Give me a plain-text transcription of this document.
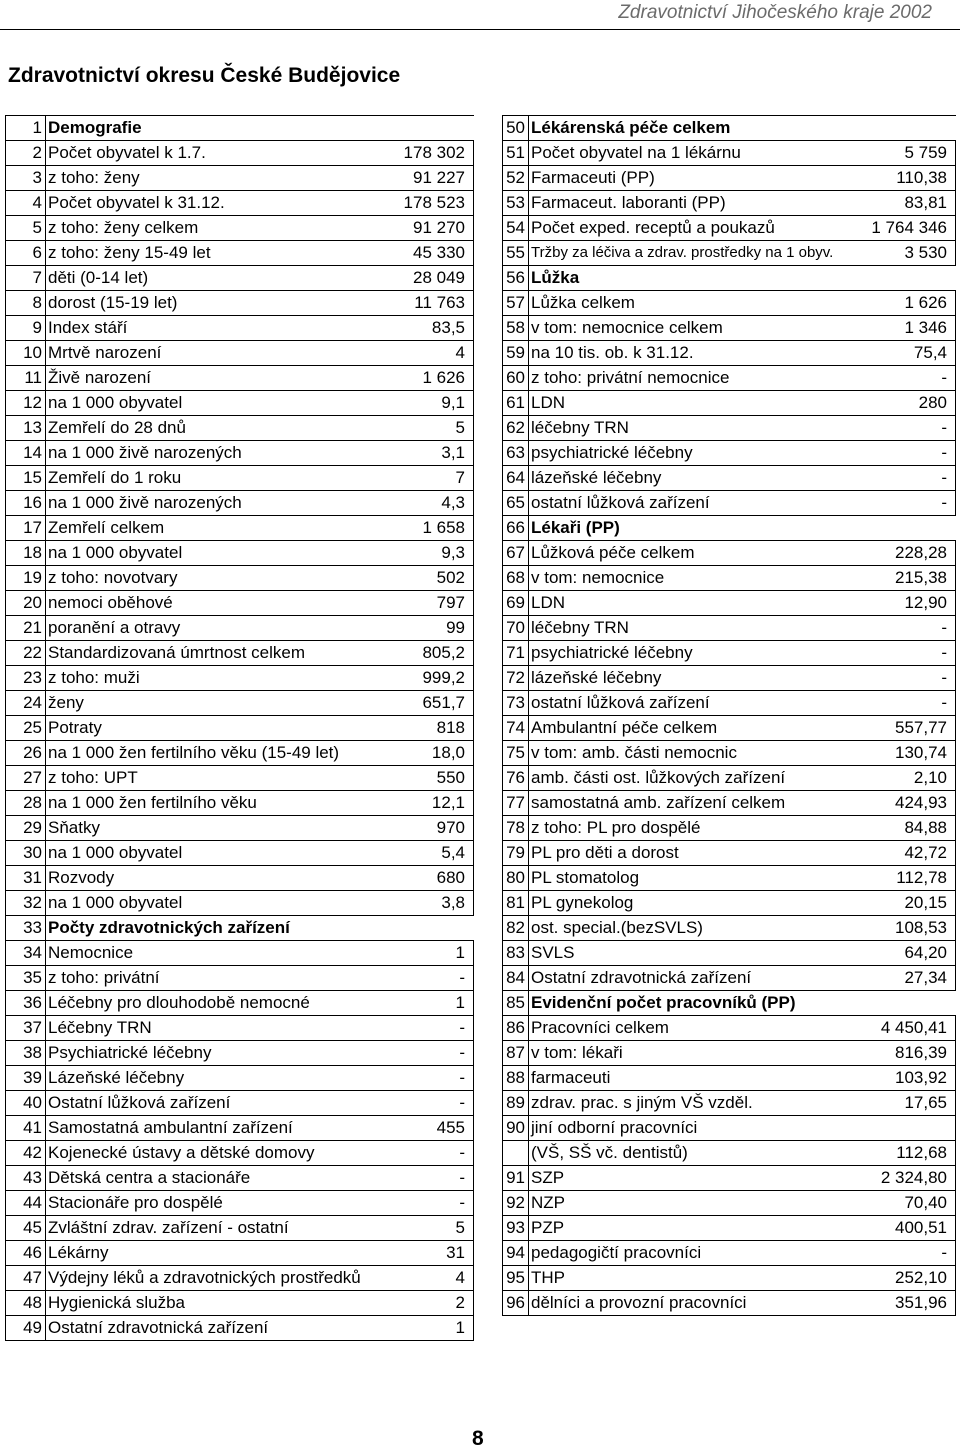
Zdravotnictví Jihočeského kraje 2002
Zdravotnictví okresu České Budějovice
1	Demografie	
2	Počet obyvatel k 1.7.	178 302
3	z toho: ženy	91 227
4	Počet obyvatel k 31.12.	178 523
5	z toho: ženy celkem	91 270
6	z toho: ženy 15-49 let	45 330
7	děti (0-14 let)	28 049
8	dorost (15-19 let)	11 763
9	Index stáří	83,5
10	Mrtvě narození	4
11	Živě narození	1 626
12	na 1 000 obyvatel	9,1
13	Zemřelí do 28 dnů	5
14	na 1 000 živě narozených	3,1
15	Zemřelí do 1 roku	7
16	na 1 000 živě narozených	4,3
17	Zemřelí celkem	1 658
18	na 1 000 obyvatel	9,3
19	z toho: novotvary	502
20	nemoci oběhové	797
21	poranění a otravy	99
22	Standardizovaná úmrtnost celkem	805,2
23	z toho: muži	999,2
24	ženy	651,7
25	Potraty	818
26	na 1 000 žen fertilního věku (15-49 let)	18,0
27	z toho: UPT	550
28	na 1 000 žen fertilního věku	12,1
29	Sňatky	970
30	na 1 000 obyvatel	5,4
31	Rozvody	680
32	na 1 000 obyvatel	3,8
33	Počty zdravotnických zařízení	
34	Nemocnice	1
35	z toho: privátní	-
36	Léčebny pro dlouhodobě nemocné	1
37	Léčebny TRN	-
38	Psychiatrické léčebny	-
39	Lázeňské léčebny	-
40	Ostatní lůžková zařízení	-
41	Samostatná ambulantní zařízení	455
42	Kojenecké ústavy a dětské domovy	-
43	Dětská centra a stacionáře	-
44	Stacionáře pro dospělé	-
45	Zvláštní zdrav. zařízení - ostatní	5
46	Lékárny	31
47	Výdejny léků a zdravotnických prostředků	4
48	Hygienická služba	2
49	Ostatní zdravotnická zařízení	1
50	Lékárenská péče celkem	
51	Počet obyvatel na 1 lékárnu	5 759
52	Farmaceuti (PP)	110,38
53	Farmaceut. laboranti (PP)	83,81
54	Počet exped. receptů a poukazů	1 764 346
55	Tržby za léčiva a zdrav. prostředky na 1 obyv.	3 530
56	Lůžka	
57	Lůžka celkem	1 626
58	v tom: nemocnice celkem	1 346
59	na 10 tis. ob. k 31.12.	75,4
60	z toho: privátní nemocnice	-
61	LDN	280
62	léčebny TRN	-
63	psychiatrické léčebny	-
64	lázeňské léčebny	-
65	ostatní lůžková zařízení	-
66	Lékaři (PP)	
67	Lůžková péče celkem	228,28
68	v tom: nemocnice	215,38
69	LDN	12,90
70	léčebny TRN	-
71	psychiatrické léčebny	-
72	lázeňské léčebny	-
73	ostatní lůžková zařízení	-
74	Ambulantní péče celkem	557,77
75	v tom: amb. části nemocnic	130,74
76	amb. části ost. lůžkových zařízení	2,10
77	samostatná amb. zařízení celkem	424,93
78	z toho: PL pro dospělé	84,88
79	PL pro děti a dorost	42,72
80	PL stomatolog	112,78
81	PL gynekolog	20,15
82	ost. special.(bezSVLS)	108,53
83	SVLS	64,20
84	Ostatní zdravotnická zařízení	27,34
85	Evidenční počet pracovníků (PP)	
86	Pracovníci celkem	4 450,41
87	v tom: lékaři	816,39
88	farmaceuti	103,92
89	zdrav. prac. s jiným VŠ vzděl.	17,65
90	jiní odborní pracovníci	
	(VŠ, SŠ vč. dentistů)	112,68
91	SZP	2 324,80
92	NZP	70,40
93	PZP	400,51
94	pedagogičtí pracovníci	-
95	THP	252,10
96	dělníci a provozní pracovníci	351,96
8
